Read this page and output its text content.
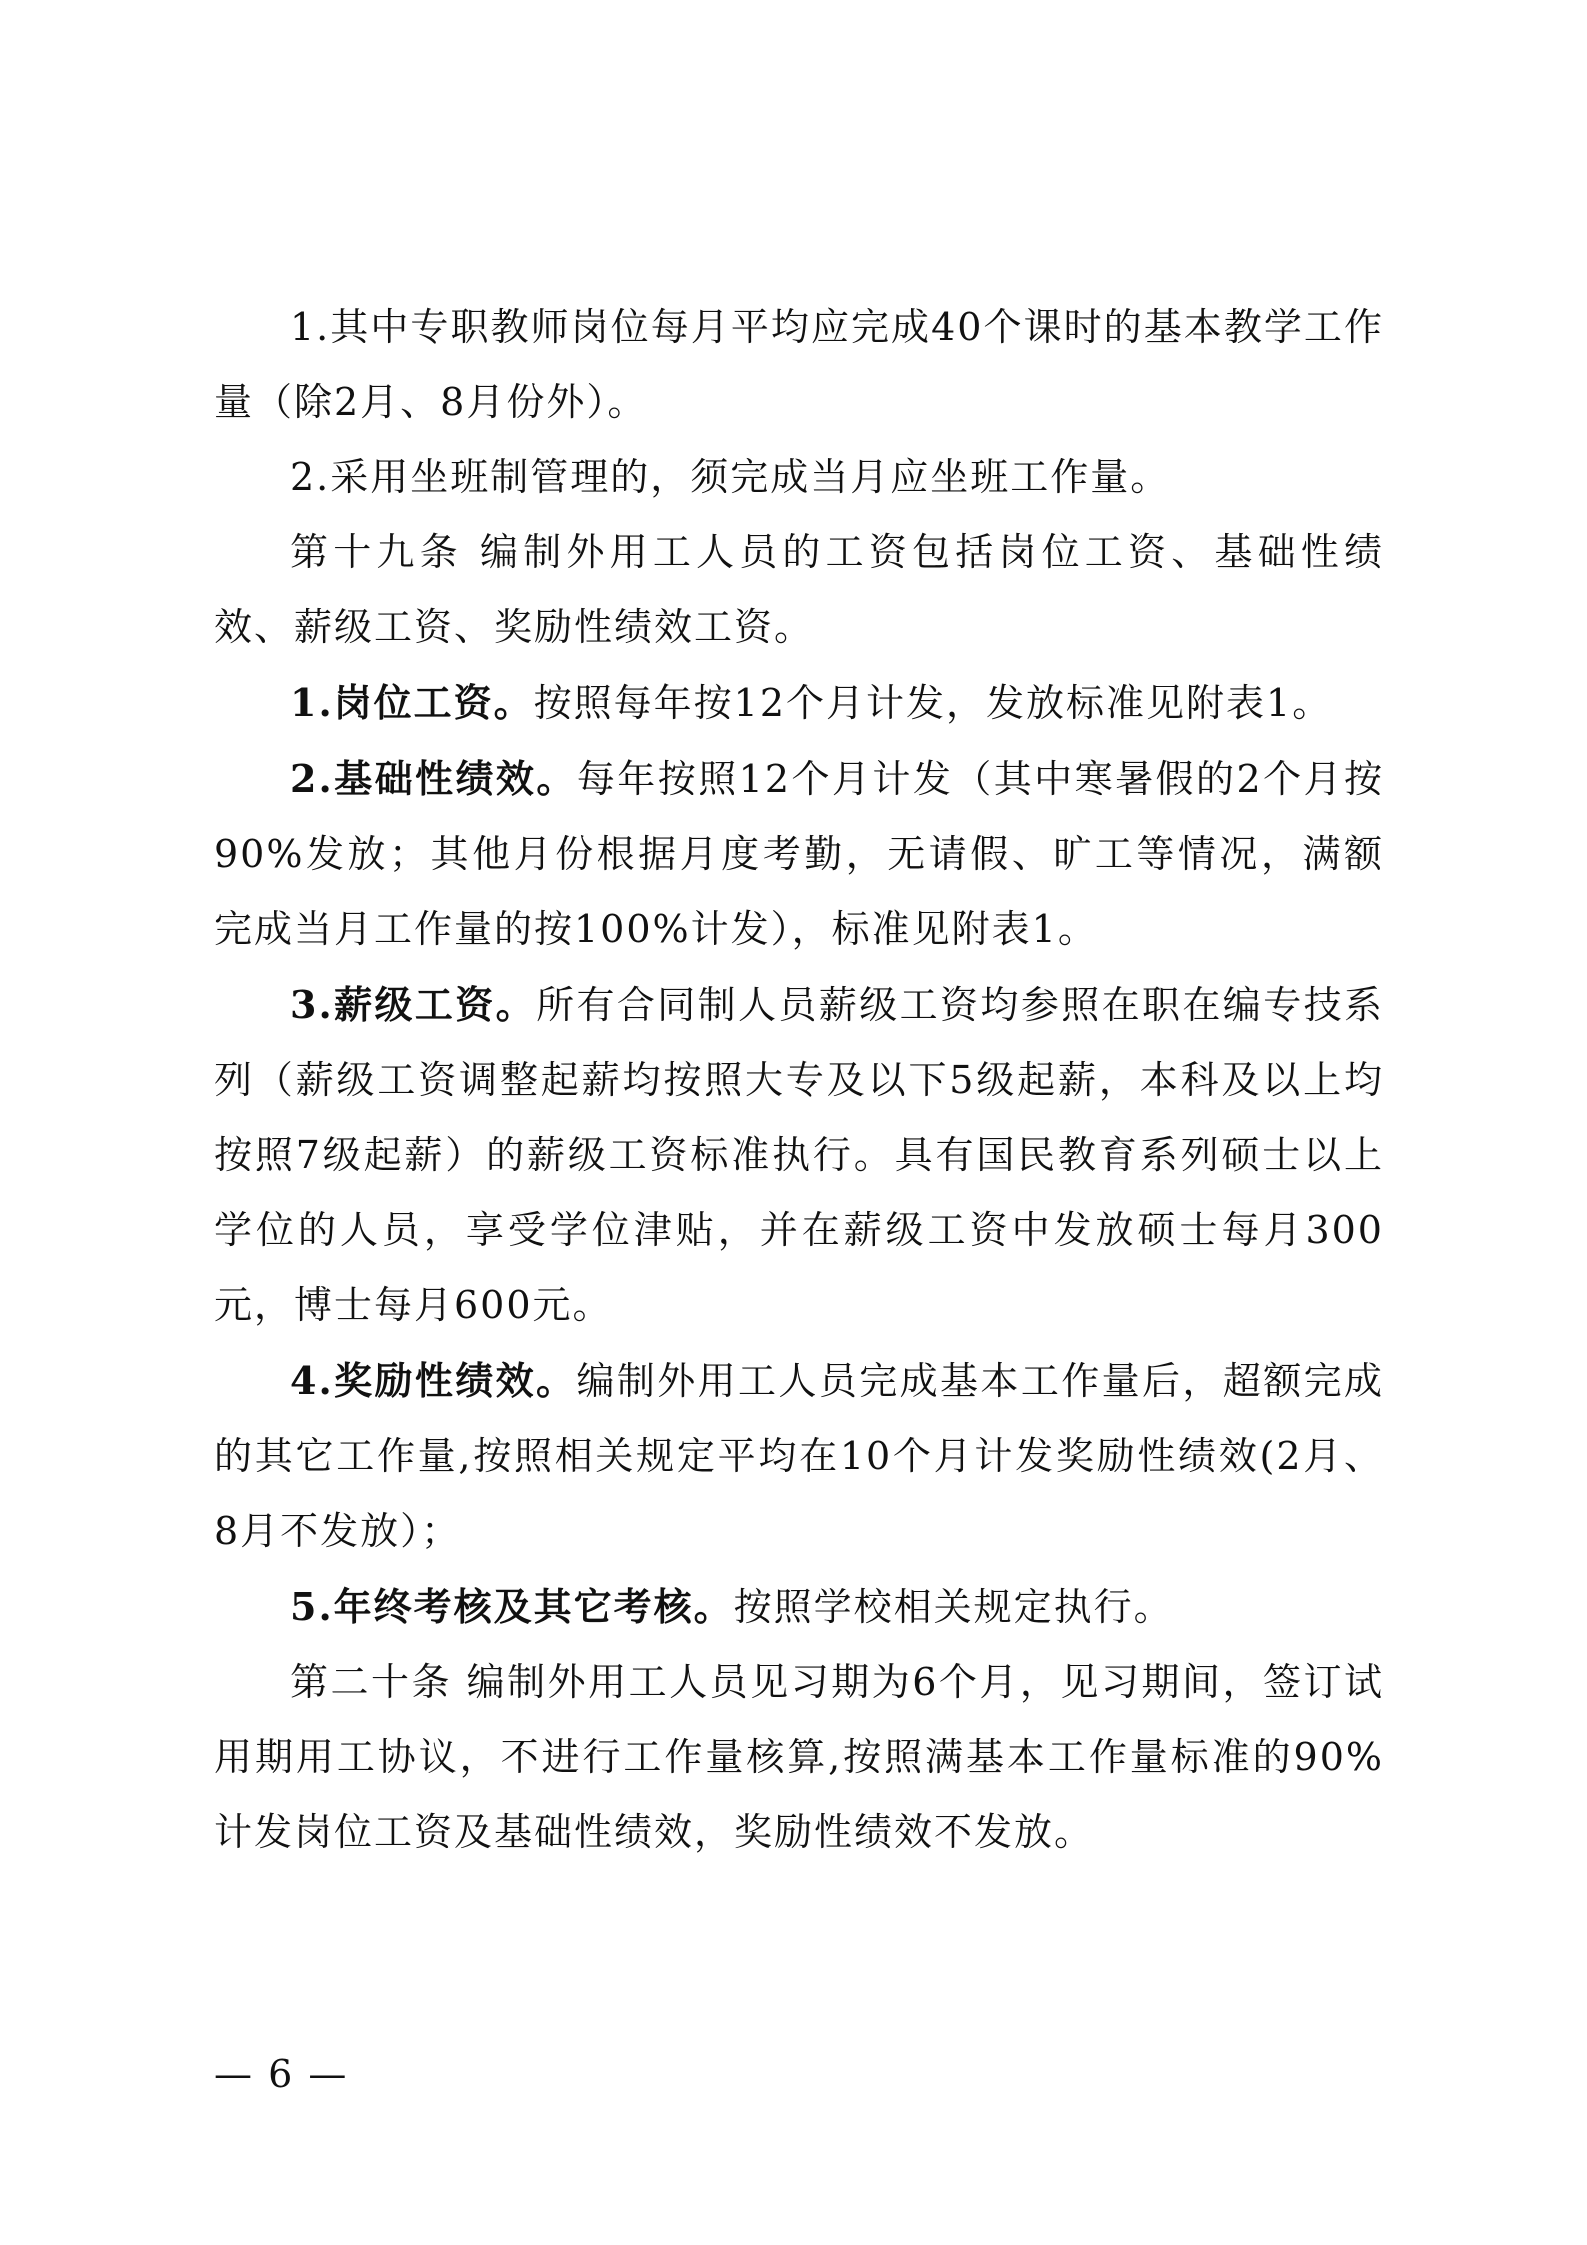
1.其中专职教师岗位每月平均应完成40个课时的基本教学工作量（除2月、8月份外）。

2.采用坐班制管理的，须完成当月应坐班工作量。

第十九条 编制外用工人员的工资包括岗位工资、基础性绩效、薪级工资、奖励性绩效工资。

1.岗位工资。按照每年按12个月计发，发放标准见附表1。

2.基础性绩效。每年按照12个月计发（其中寒暑假的2个月按90%发放；其他月份根据月度考勤，无请假、旷工等情况，满额完成当月工作量的按100%计发），标准见附表1。

3.薪级工资。所有合同制人员薪级工资均参照在职在编专技系列（薪级工资调整起薪均按照大专及以下5级起薪，本科及以上均按照7级起薪）的薪级工资标准执行。具有国民教育系列硕士以上学位的人员，享受学位津贴，并在薪级工资中发放硕士每月300元，博士每月600元。

4.奖励性绩效。编制外用工人员完成基本工作量后，超额完成的其它工作量,按照相关规定平均在10个月计发奖励性绩效(2月、8月不发放）；

5.年终考核及其它考核。按照学校相关规定执行。

第二十条 编制外用工人员见习期为6个月，见习期间，签订试用期用工协议，不进行工作量核算,按照满基本工作量标准的90%计发岗位工资及基础性绩效，奖励性绩效不发放。

— 6 —
